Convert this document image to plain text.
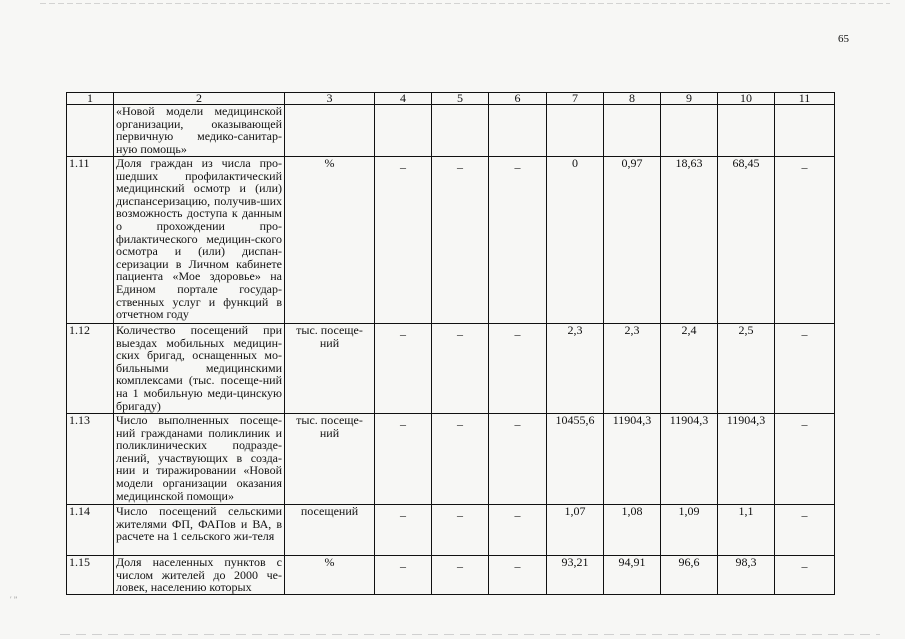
65
1	2	3	4	5	6	7	8	9	10	11
	«Новой модели медицинской организации, оказывающей первичную медико-санитар-ную помощь»									
1.11	Доля граждан из числа про-шедших профилактический медицинский осмотр и (или) диспансеризацию, получив-ших возможность доступа к данным о прохождении про-филактического медицин-ского осмотра и (или) диспан-серизации в Личном кабинете пациента «Мое здоровье» на Едином портале государ-ственных услуг и функций в отчетном году	%	–	–	–	0	0,97	18,63	68,45	–
1.12	Количество посещений при выездах мобильных медицин-ских бригад, оснащенных мо-бильными медицинскими комплексами (тыс. посеще-ний на 1 мобильную меди-цинскую бригаду)	тыс. посеще-ний	–	–	–	2,3	2,3	2,4	2,5	–
1.13	Число выполненных посеще-ний гражданами поликлиник и поликлинических подразде-лений, участвующих в созда-нии и тиражировании «Новой модели организации оказания медицинской помощи»	тыс. посеще-ний	–	–	–	10455,6	11904,3	11904,3	11904,3	–
1.14	Число посещений сельскими жителями ФП, ФАПов и ВА, в расчете на 1 сельского жи-теля	посещений	–	–	–	1,07	1,08	1,09	1,1	–
1.15	Доля населенных пунктов с числом жителей до 2000 че-ловек, населению которых	%	–	–	–	93,21	94,91	96,6	98,3	–
′ ”
